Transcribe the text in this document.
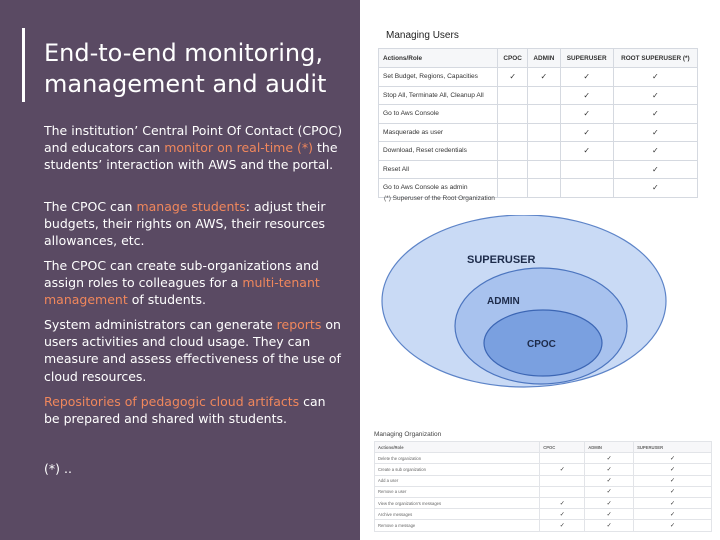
End-to-end monitoring, management and audit

The institution’ Central Point Of Contact (CPOC) and educators can monitor on real-time (*) the students’ interaction with AWS and the portal.

The CPOC can manage students: adjust their budgets, their rights on AWS, their resources allowances, etc.

The CPOC can create sub-organizations and assign roles to colleagues for a multi-tenant management of students.

System administrators can generate reports on users activities and cloud usage. They can measure and assess effectiveness of the use of cloud resources.

Repositories of pedagogic cloud artifacts can be prepared and shared with students.

(*) ..

Managing Users
Actions/Role	CPOC	ADMIN	SUPERUSER	ROOT SUPERUSER (*)
Set Budget, Regions, Capacities	✓	✓	✓	✓
Stop All, Terminate All, Cleanup All			✓	✓
Go to Aws Console			✓	✓
Masquerade as user			✓	✓
Download, Reset credentials			✓	✓
Reset All				✓
Go to Aws Console as admin				✓
(*) Superuser of the Root Organization
SUPERUSER
ADMIN
CPOC
Managing Organization
Actions/Role	CPOC	ADMIN	SUPERUSER
Delete the organization		✓	✓
Create a sub organization	✓	✓	✓
Add a user		✓	✓
Remove a user		✓	✓
View the organization's messages	✓	✓	✓
Archive messages	✓	✓	✓
Remove a message	✓	✓	✓
